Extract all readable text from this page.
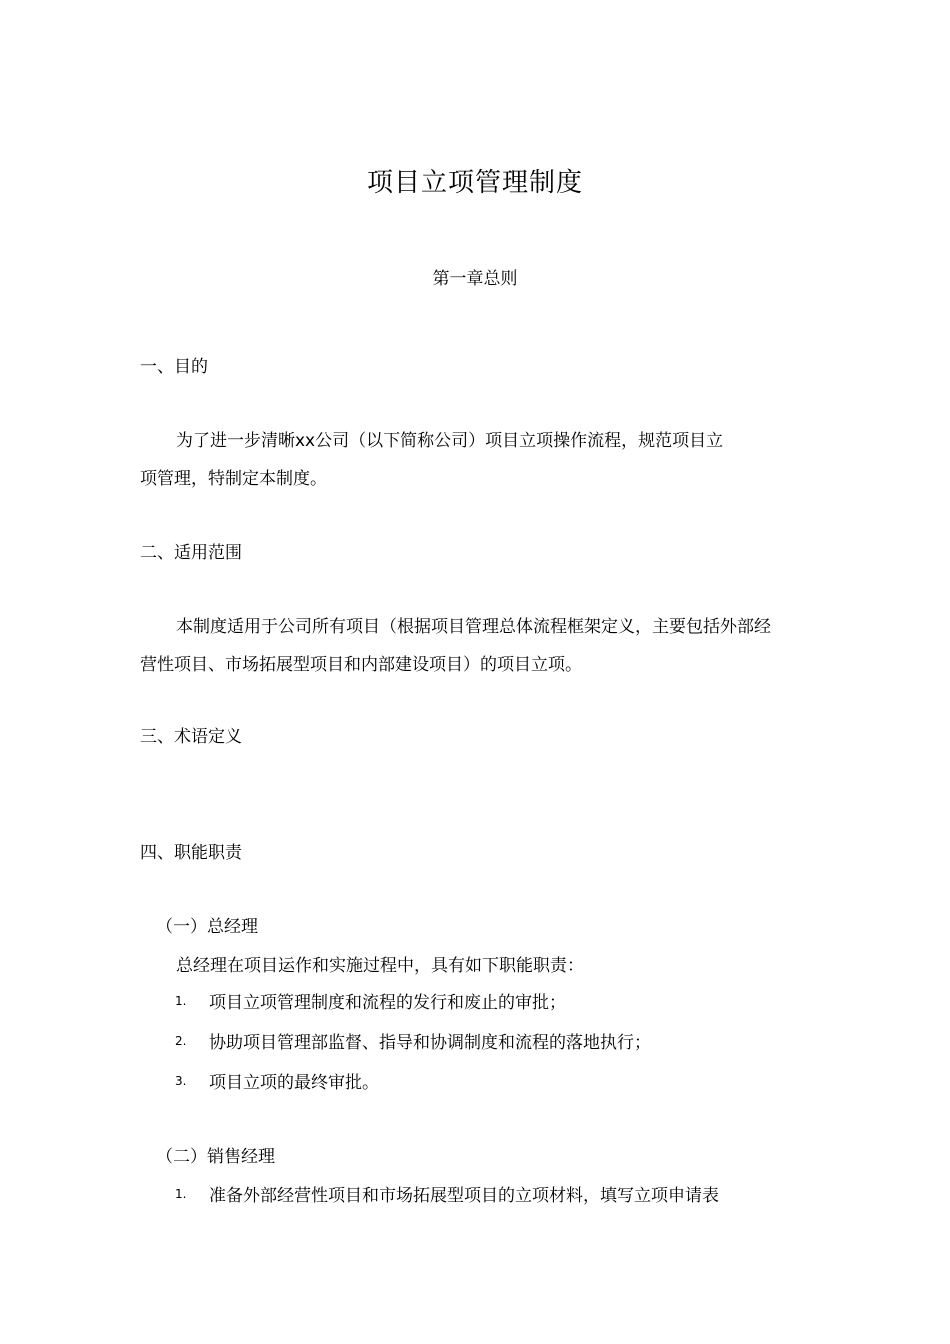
项目立项管理制度
第一章总则
一、目的
为了进一步清晰xx公司（以下简称公司）项目立项操作流程，规范项目立
项管理，特制定本制度。
二、适用范围
本制度适用于公司所有项目（根据项目管理总体流程框架定义，主要包括外部经
营性项目、市场拓展型项目和内部建设项目）的项目立项。
三、术语定义
四、职能职责
（一）总经理
总经理在项目运作和实施过程中，具有如下职能职责：
1. 项目立项管理制度和流程的发行和废止的审批；
2. 协助项目管理部监督、指导和协调制度和流程的落地执行；
3. 项目立项的最终审批。
（二）销售经理
1. 准备外部经营性项目和市场拓展型项目的立项材料，填写立项申请表
